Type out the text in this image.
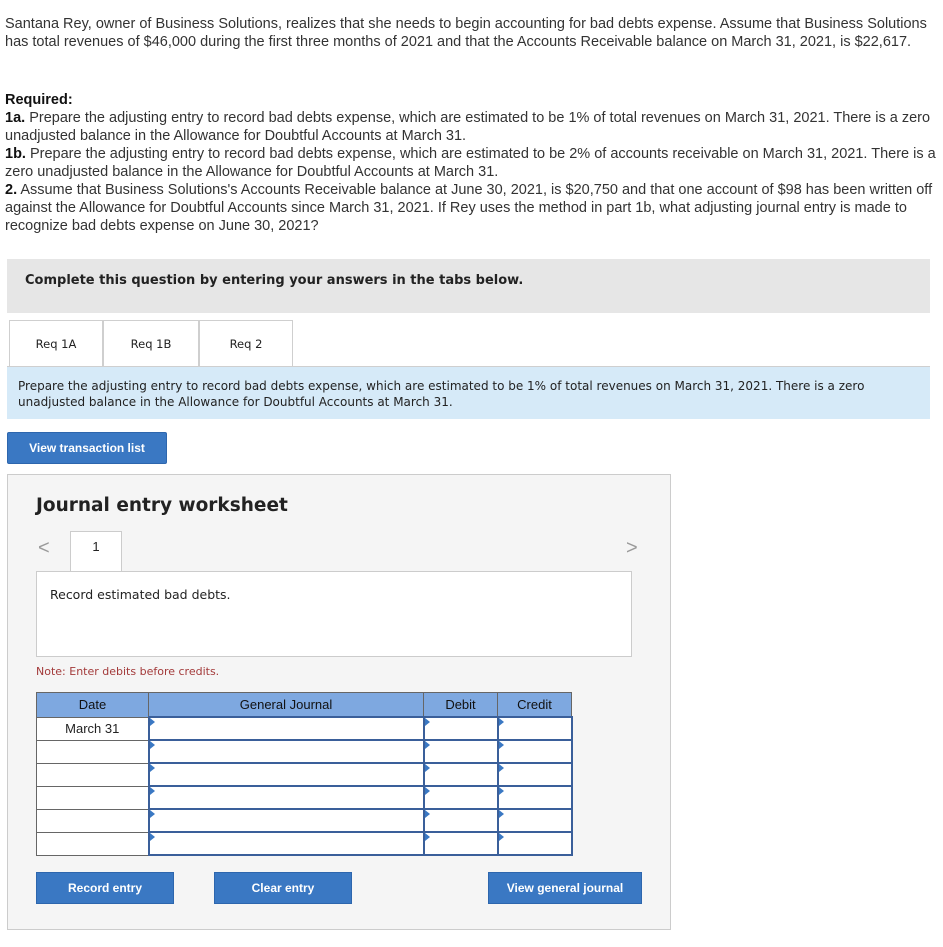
Santana Rey, owner of Business Solutions, realizes that she needs to begin accounting for bad debts expense. Assume that Business Solutions has total revenues of $46,000 during the first three months of 2021 and that the Accounts Receivable balance on March 31, 2021, is $22,617.

Required:

1a. Prepare the adjusting entry to record bad debts expense, which are estimated to be 1% of total revenues on March 31, 2021. There is a zero unadjusted balance in the Allowance for Doubtful Accounts at March 31.

1b. Prepare the adjusting entry to record bad debts expense, which are estimated to be 2% of accounts receivable on March 31, 2021. There is a zero unadjusted balance in the Allowance for Doubtful Accounts at March 31.

2. Assume that Business Solutions's Accounts Receivable balance at June 30, 2021, is $20,750 and that one account of $98 has been written off against the Allowance for Doubtful Accounts since March 31, 2021. If Rey uses the method in part 1b, what adjusting journal entry is made to recognize bad debts expense on June 30, 2021?

Complete this question by entering your answers in the tabs below.
Req 1A	Req 1B	Req 2
Prepare the adjusting entry to record bad debts expense, which are estimated to be 1% of total revenues on March 31, 2021. There is a zero unadjusted balance in the Allowance for Doubtful Accounts at March 31.
View transaction list
Journal entry worksheet
<	1	>
Record estimated bad debts.
Note: Enter debits before credits.
Date	General Journal	Debit	Credit
March 31			

Record entry	Clear entry	View general journal
